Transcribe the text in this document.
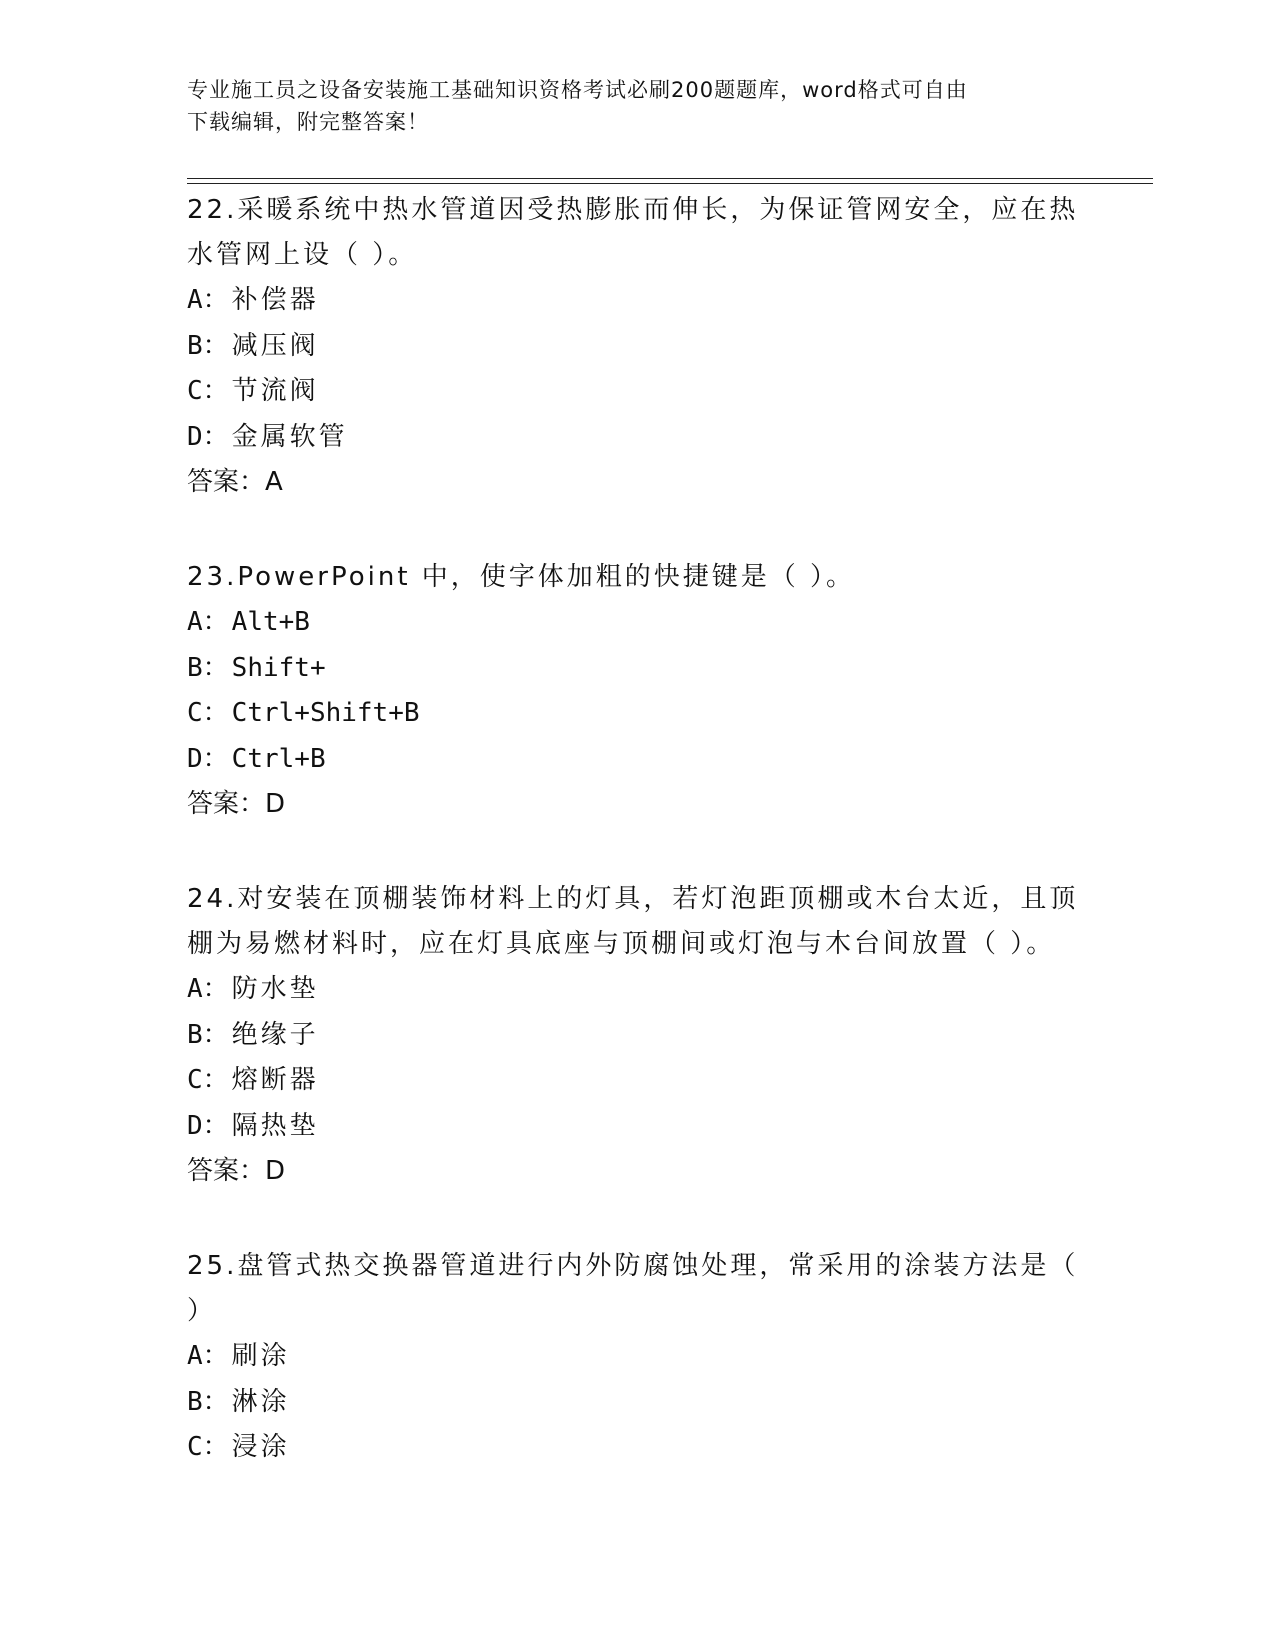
专业施工员之设备安装施工基础知识资格考试必刷200题题库，word格式可自由
下载编辑，附完整答案！
22.采暖系统中热水管道因受热膨胀而伸长，为保证管网安全，应在热
水管网上设（ ）。
A：补偿器
B：减压阀
C：节流阀
D：金属软管
答案：A
23.PowerPoint 中，使字体加粗的快捷键是（ ）。
A：Alt+B
B：Shift+
C：Ctrl+Shift+B
D：Ctrl+B
答案：D
24.对安装在顶棚装饰材料上的灯具，若灯泡距顶棚或木台太近，且顶
棚为易燃材料时，应在灯具底座与顶棚间或灯泡与木台间放置（ ）。
A：防水垫
B：绝缘子
C：熔断器
D：隔热垫
答案：D
25.盘管式热交换器管道进行内外防腐蚀处理，常采用的涂装方法是（
）
A：刷涂
B：淋涂
C：浸涂
